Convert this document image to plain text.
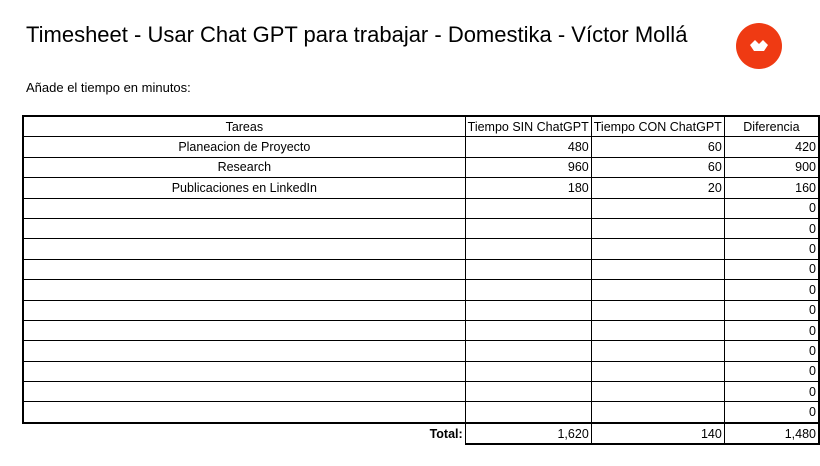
Timesheet - Usar Chat GPT para trabajar - Domestika - Víctor Mollá
Añade el tiempo en minutos:
Tareas	Tiempo SIN ChatGPT	Tiempo CON ChatGPT	Diferencia
Planeacion de Proyecto	480	60	420
Research	960	60	900
Publicaciones en LinkedIn	180	20	160
			0
			0
			0
			0
			0
			0
			0
			0
			0
			0
			0
Total:	1,620	140	1,480
